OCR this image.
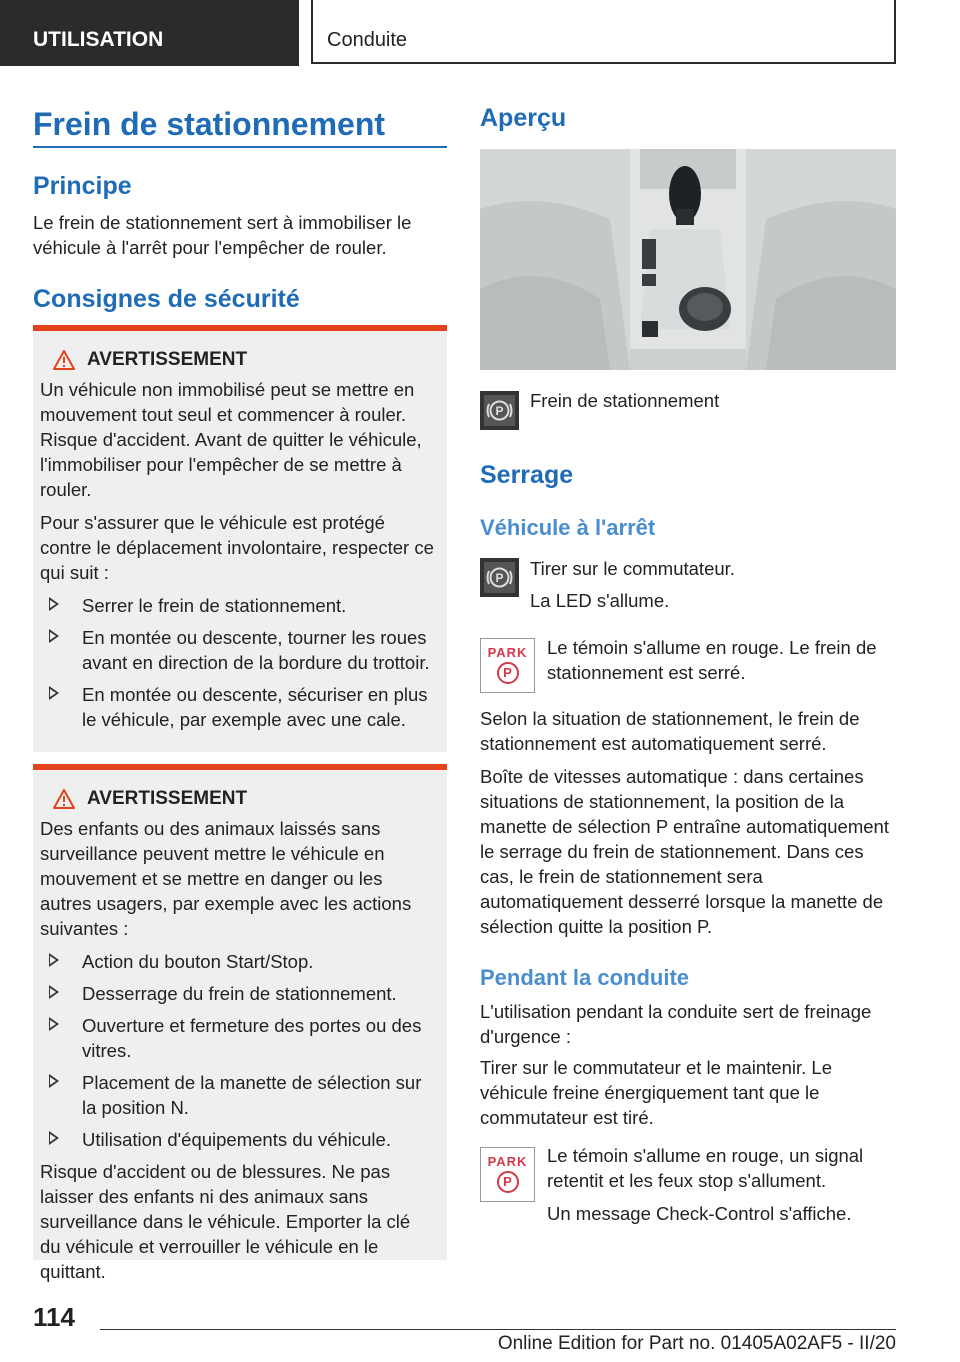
UTILISATION	Conduite
Frein de stationnement
Principe

Le frein de stationnement sert à immobiliser le véhicule à l'arrêt pour l'empêcher de rouler.

Consignes de sécurité
AVERTISSEMENT

Un véhicule non immobilisé peut se mettre en mouvement tout seul et commencer à rouler. Risque d'accident. Avant de quitter le véhicule, l'immobiliser pour l'empêcher de se mettre à rouler.

Pour s'assurer que le véhicule est protégé contre le déplacement involontaire, respecter ce qui suit :

Serrer le frein de stationnement.
En montée ou descente, tourner les roues avant en direction de la bordure du trottoir.
En montée ou descente, sécuriser en plus le véhicule, par exemple avec une cale.
AVERTISSEMENT

Des enfants ou des animaux laissés sans surveillance peuvent mettre le véhicule en mouvement et se mettre en danger ou les autres usagers, par exemple avec les actions suivantes :

Action du bouton Start/Stop.
Desserrage du frein de stationnement.
Ouverture et fermeture des portes ou des vitres.
Placement de la manette de sélection sur la position N.
Utilisation d'équipements du véhicule.

Risque d'accident ou de blessures. Ne pas laisser des enfants ni des animaux sans surveillance dans le véhicule. Emporter la clé du véhicule et verrouiller le véhicule en le quittant.

Aperçu
P Frein de stationnement

Serrage
Véhicule à l'arrêt
P Tirer sur le commutateur.

La LED s'allume.

PARK
P

Le témoin s'allume en rouge. Le frein de stationnement est serré.

Selon la situation de stationnement, le frein de stationnement est automatiquement serré.

Boîte de vitesses automatique : dans certaines situations de stationnement, la position de la manette de sélection P entraîne automatiquement le serrage du frein de stationnement. Dans ces cas, le frein de stationnement sera automatiquement desserré lorsque la manette de sélection quitte la position P.

Pendant la conduite

L'utilisation pendant la conduite sert de freinage d'urgence :

Tirer sur le commutateur et le maintenir. Le véhicule freine énergiquement tant que le commutateur est tiré.

PARK
P

Le témoin s'allume en rouge, un signal retentit et les feux stop s'allument.

Un message Check-Control s'affiche.

114
Online Edition for Part no. 01405A02AF5 - II/20
